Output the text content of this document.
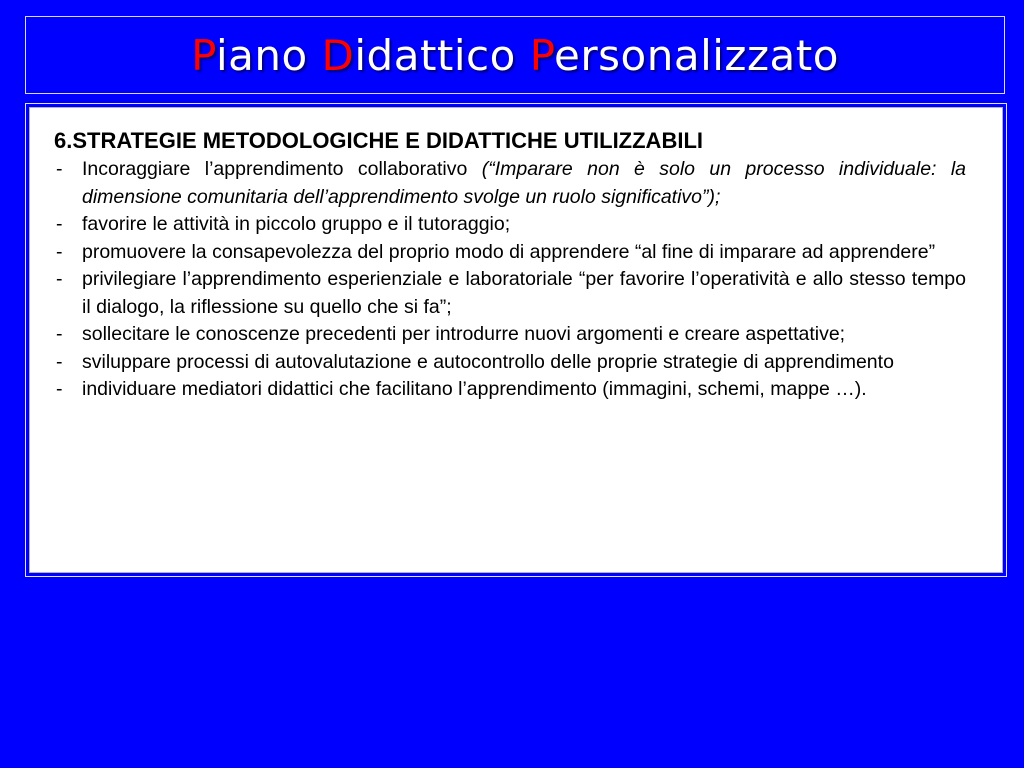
Piano Didattico Personalizzato
6.STRATEGIE METODOLOGICHE E DIDATTICHE UTILIZZABILI
- Incoraggiare l’apprendimento collaborativo (“Imparare non è solo un processo individuale: la dimensione comunitaria dell’apprendimento svolge un ruolo significativo”);
- favorire le attività in piccolo gruppo e il tutoraggio;
- promuovere la consapevolezza del proprio modo di apprendere “al fine di imparare ad apprendere”
- privilegiare l’apprendimento esperienziale e laboratoriale “per favorire l’operatività e allo stesso tempo il dialogo, la riflessione su quello che si fa”;
- sollecitare le conoscenze precedenti per introdurre nuovi argomenti e creare aspettative;
- sviluppare processi di autovalutazione e autocontrollo delle proprie strategie di apprendimento
- individuare mediatori didattici che facilitano l’apprendimento (immagini, schemi, mappe …).
